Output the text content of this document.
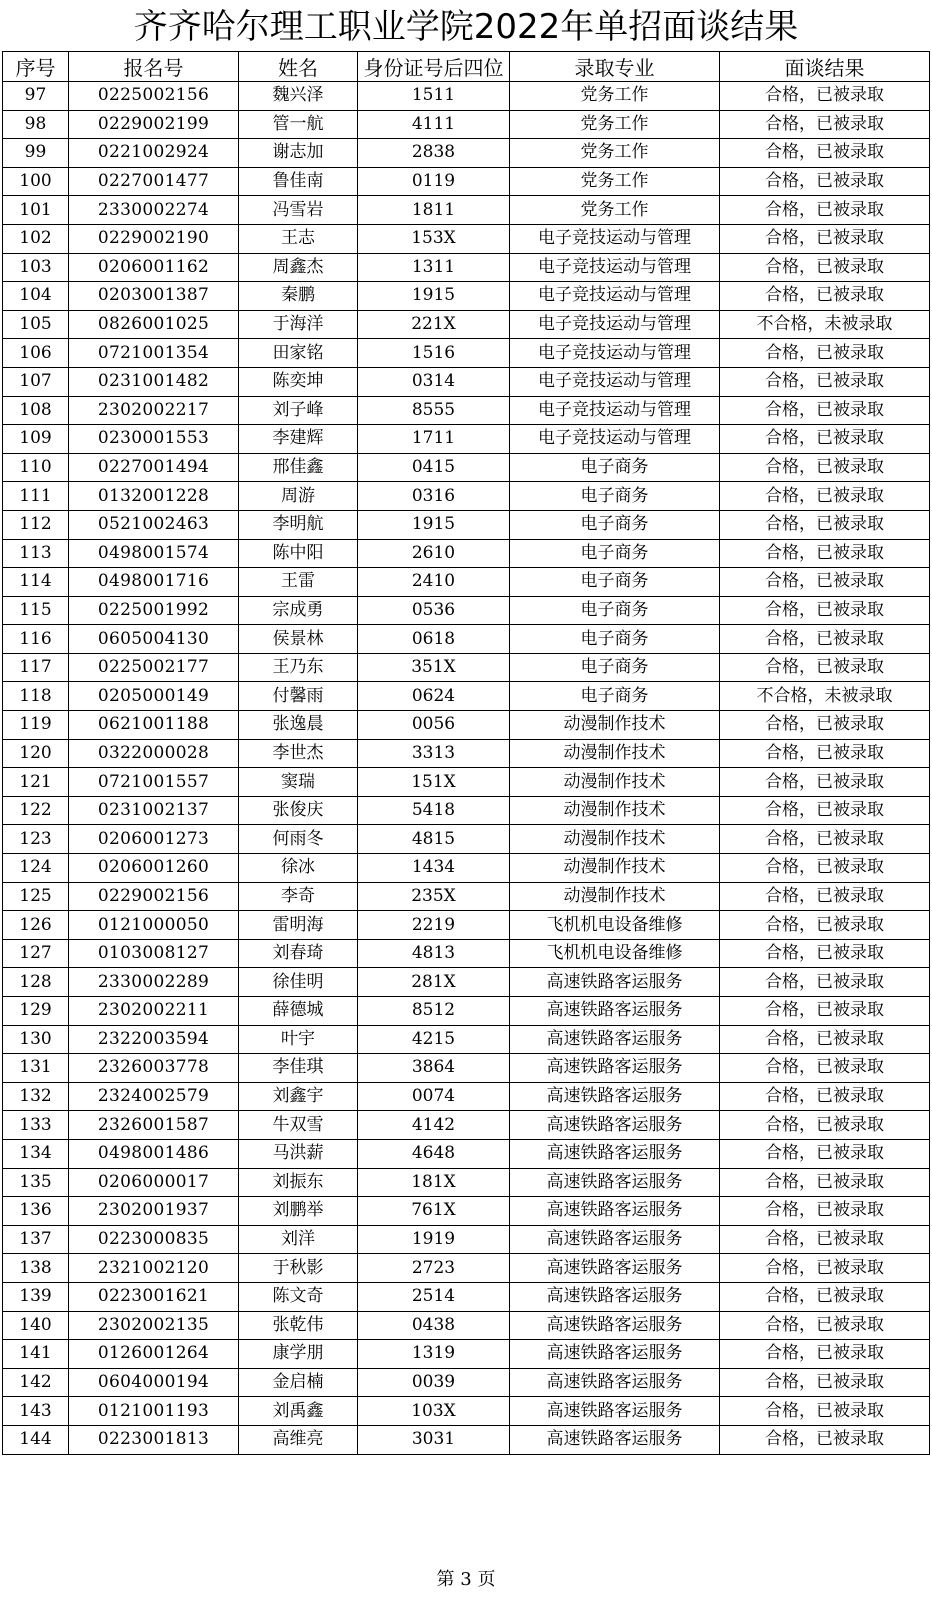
齐齐哈尔理工职业学院2022年单招面谈结果
序号	报名号	姓名	身份证号后四位	录取专业	面谈结果
97	0225002156	魏兴泽	1511	党务工作	合格，已被录取
98	0229002199	管一航	4111	党务工作	合格，已被录取
99	0221002924	谢志加	2838	党务工作	合格，已被录取
100	0227001477	鲁佳南	0119	党务工作	合格，已被录取
101	2330002274	冯雪岩	1811	党务工作	合格，已被录取
102	0229002190	王志	153X	电子竞技运动与管理	合格，已被录取
103	0206001162	周鑫杰	1311	电子竞技运动与管理	合格，已被录取
104	0203001387	秦鹏	1915	电子竞技运动与管理	合格，已被录取
105	0826001025	于海洋	221X	电子竞技运动与管理	不合格，未被录取
106	0721001354	田家铭	1516	电子竞技运动与管理	合格，已被录取
107	0231001482	陈奕坤	0314	电子竞技运动与管理	合格，已被录取
108	2302002217	刘子峰	8555	电子竞技运动与管理	合格，已被录取
109	0230001553	李建辉	1711	电子竞技运动与管理	合格，已被录取
110	0227001494	邢佳鑫	0415	电子商务	合格，已被录取
111	0132001228	周游	0316	电子商务	合格，已被录取
112	0521002463	李明航	1915	电子商务	合格，已被录取
113	0498001574	陈中阳	2610	电子商务	合格，已被录取
114	0498001716	王雷	2410	电子商务	合格，已被录取
115	0225001992	宗成勇	0536	电子商务	合格，已被录取
116	0605004130	侯景林	0618	电子商务	合格，已被录取
117	0225002177	王乃东	351X	电子商务	合格，已被录取
118	0205000149	付馨雨	0624	电子商务	不合格，未被录取
119	0621001188	张逸晨	0056	动漫制作技术	合格，已被录取
120	0322000028	李世杰	3313	动漫制作技术	合格，已被录取
121	0721001557	窦瑞	151X	动漫制作技术	合格，已被录取
122	0231002137	张俊庆	5418	动漫制作技术	合格，已被录取
123	0206001273	何雨冬	4815	动漫制作技术	合格，已被录取
124	0206001260	徐冰	1434	动漫制作技术	合格，已被录取
125	0229002156	李奇	235X	动漫制作技术	合格，已被录取
126	0121000050	雷明海	2219	飞机机电设备维修	合格，已被录取
127	0103008127	刘春琦	4813	飞机机电设备维修	合格，已被录取
128	2330002289	徐佳明	281X	高速铁路客运服务	合格，已被录取
129	2302002211	薛德城	8512	高速铁路客运服务	合格，已被录取
130	2322003594	叶宇	4215	高速铁路客运服务	合格，已被录取
131	2326003778	李佳琪	3864	高速铁路客运服务	合格，已被录取
132	2324002579	刘鑫宇	0074	高速铁路客运服务	合格，已被录取
133	2326001587	牛双雪	4142	高速铁路客运服务	合格，已被录取
134	0498001486	马洪薪	4648	高速铁路客运服务	合格，已被录取
135	0206000017	刘振东	181X	高速铁路客运服务	合格，已被录取
136	2302001937	刘鹏举	761X	高速铁路客运服务	合格，已被录取
137	0223000835	刘洋	1919	高速铁路客运服务	合格，已被录取
138	2321002120	于秋影	2723	高速铁路客运服务	合格，已被录取
139	0223001621	陈文奇	2514	高速铁路客运服务	合格，已被录取
140	2302002135	张乾伟	0438	高速铁路客运服务	合格，已被录取
141	0126001264	康学朋	1319	高速铁路客运服务	合格，已被录取
142	0604000194	金启楠	0039	高速铁路客运服务	合格，已被录取
143	0121001193	刘禹鑫	103X	高速铁路客运服务	合格，已被录取
144	0223001813	高维亮	3031	高速铁路客运服务	合格，已被录取
第 3 页
